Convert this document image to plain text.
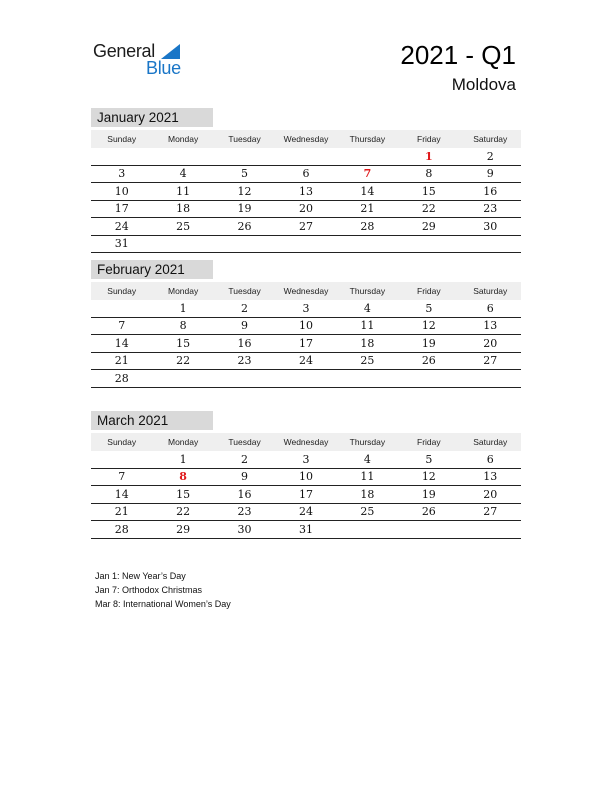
General
Blue	2021 - Q1
Moldova
January 2021
Sunday	Monday	Tuesday	Wednesday	Thursday	Friday	Saturday
					1	2
3	4	5	6	7	8	9
10	11	12	13	14	15	16
17	18	19	20	21	22	23
24	25	26	27	28	29	30
31						
February 2021
Sunday	Monday	Tuesday	Wednesday	Thursday	Friday	Saturday
	1	2	3	4	5	6
7	8	9	10	11	12	13
14	15	16	17	18	19	20
21	22	23	24	25	26	27
28						
March 2021
Sunday	Monday	Tuesday	Wednesday	Thursday	Friday	Saturday
	1	2	3	4	5	6
7	8	9	10	11	12	13
14	15	16	17	18	19	20
21	22	23	24	25	26	27
28	29	30	31			
Jan 1: New Year’s Day
Jan 7: Orthodox Christmas
Mar 8: International Women’s Day
